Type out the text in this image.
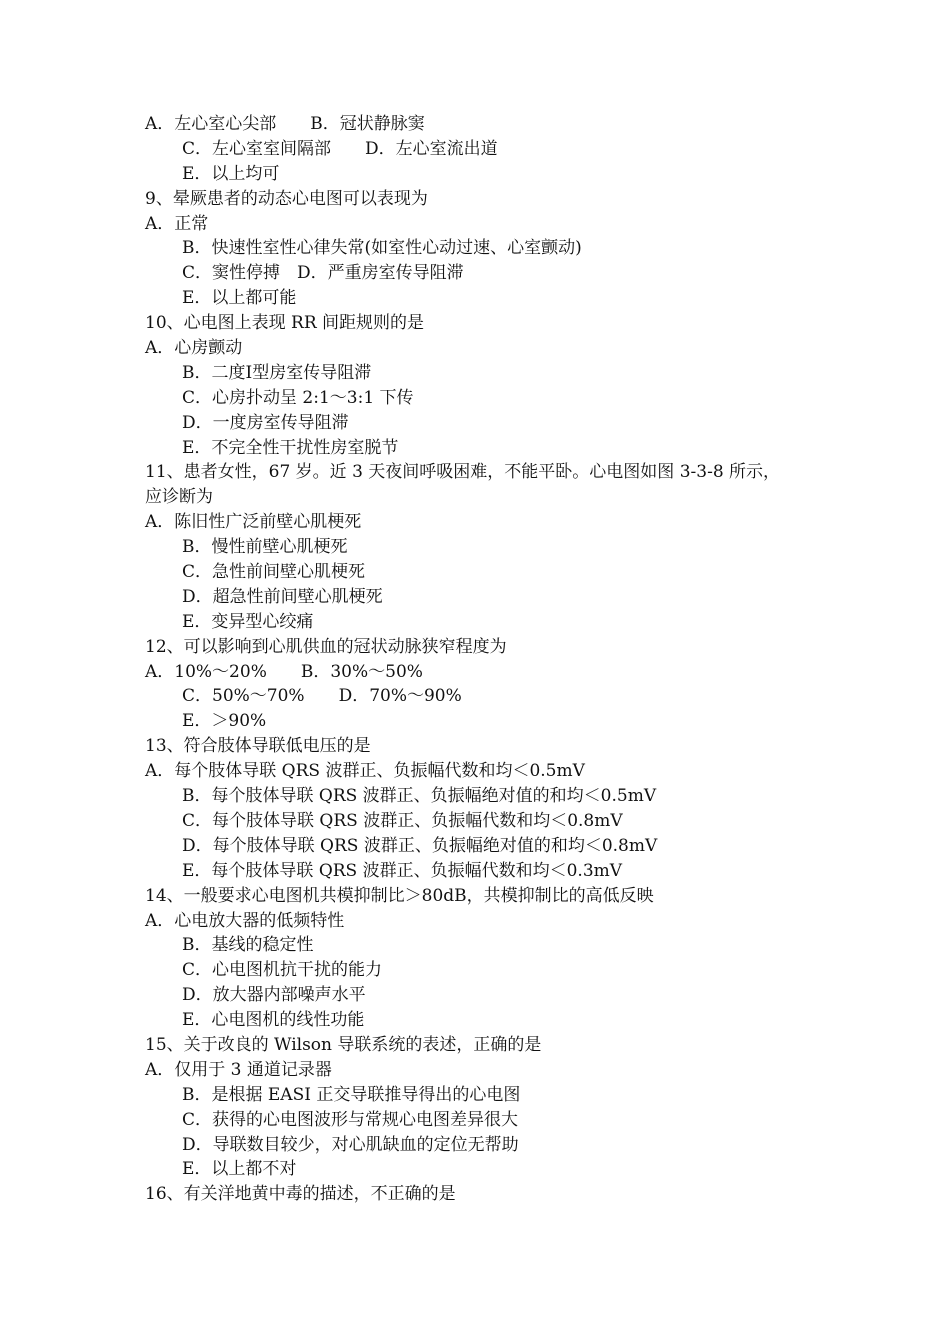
A．左心室心尖部　　B．冠状静脉窦
C．左心室室间隔部　　D．左心室流出道
E．以上均可
9、晕厥患者的动态心电图可以表现为
A．正常
B．快速性室性心律失常(如室性心动过速、心室颤动)
C．窦性停搏　D．严重房室传导阻滞
E．以上都可能
10、心电图上表现 RR 间距规则的是
A．心房颤动
B．二度Ⅰ型房室传导阻滞
C．心房扑动呈 2:1～3:1 下传
D．一度房室传导阻滞
E．不完全性干扰性房室脱节
11、患者女性，67 岁。近 3 天夜间呼吸困难，不能平卧。心电图如图 3-3-8 所示，
应诊断为
A．陈旧性广泛前壁心肌梗死
B．慢性前壁心肌梗死
C．急性前间壁心肌梗死
D．超急性前间壁心肌梗死
E．变异型心绞痛
12、可以影响到心肌供血的冠状动脉狭窄程度为
A．10%～20%　　B．30%～50%
C．50%～70%　　D．70%～90%
E．＞90%
13、符合肢体导联低电压的是
A．每个肢体导联 QRS 波群正、负振幅代数和均＜0.5mV
B．每个肢体导联 QRS 波群正、负振幅绝对值的和均＜0.5mV
C．每个肢体导联 QRS 波群正、负振幅代数和均＜0.8mV
D．每个肢体导联 QRS 波群正、负振幅绝对值的和均＜0.8mV
E．每个肢体导联 QRS 波群正、负振幅代数和均＜0.3mV
14、一般要求心电图机共模抑制比＞80dB，共模抑制比的高低反映
A．心电放大器的低频特性
B．基线的稳定性
C．心电图机抗干扰的能力
D．放大器内部噪声水平
E．心电图机的线性功能
15、关于改良的 Wilson 导联系统的表述，正确的是
A．仅用于 3 通道记录器
B．是根据 EASI 正交导联推导得出的心电图
C．获得的心电图波形与常规心电图差异很大
D．导联数目较少，对心肌缺血的定位无帮助
E．以上都不对
16、有关洋地黄中毒的描述，不正确的是
